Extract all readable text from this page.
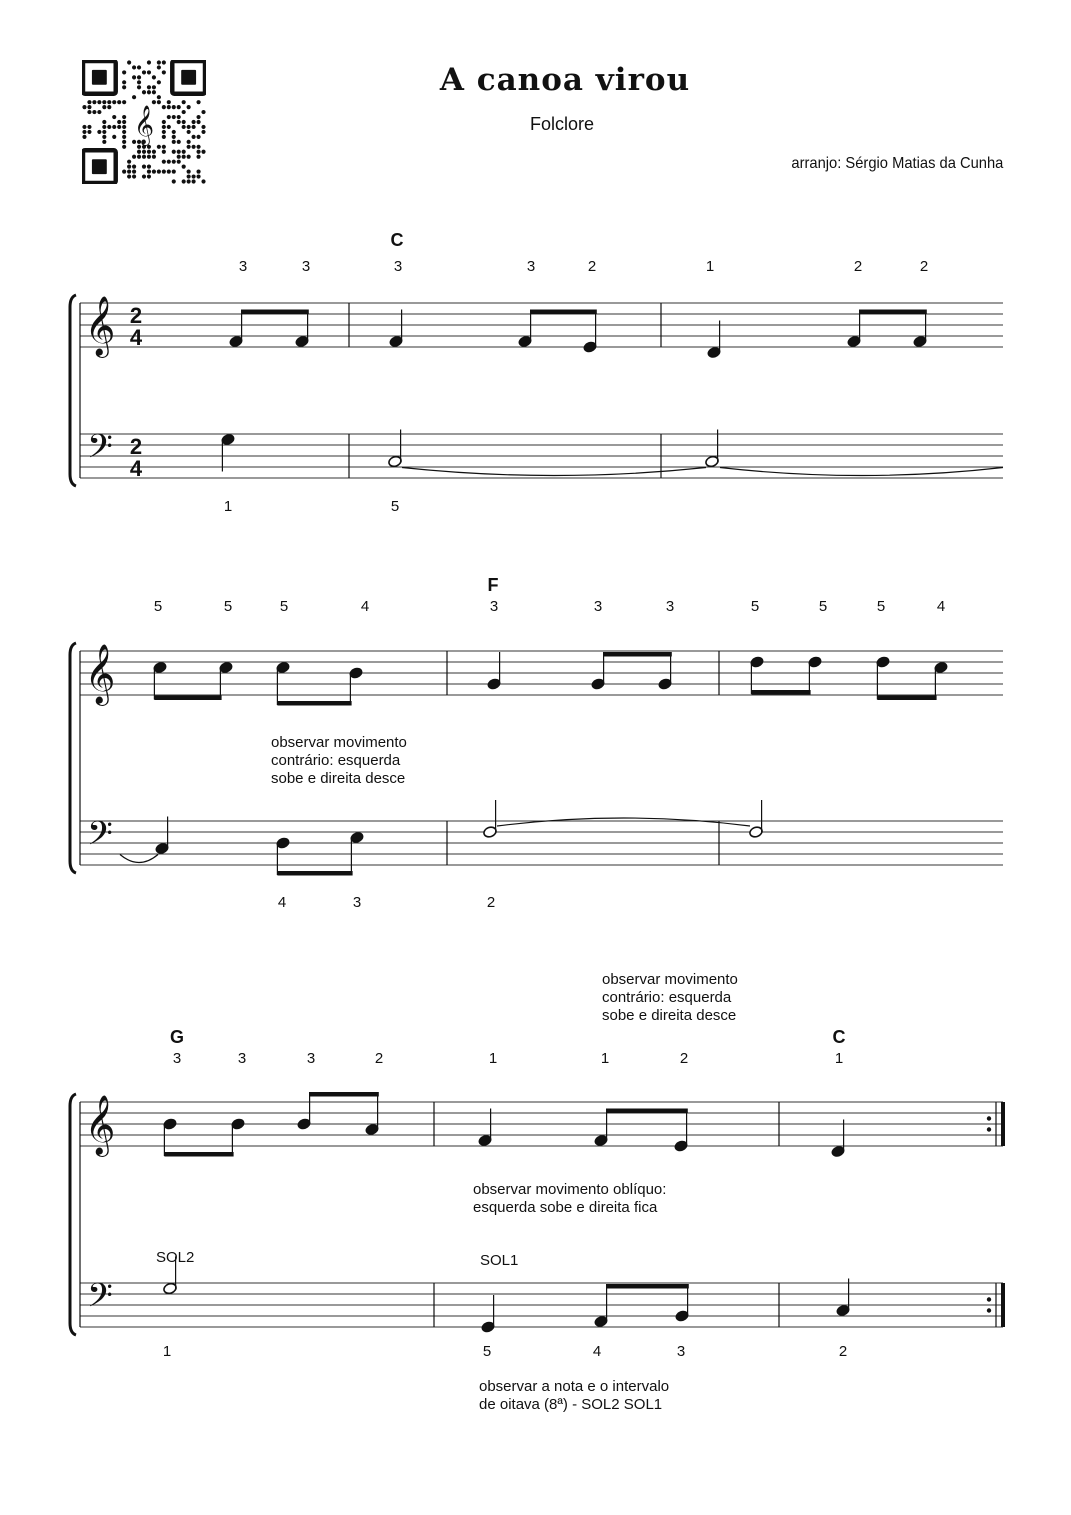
A canoa virou
Folclore
arranjo: Sérgio Matias da Cunha
𝄞
𝄞
𝄢
2
4
2
4
C
3	3	3	3	2	1	2	2
1	5
𝄞
𝄢
F
5	5	5	4	3	3	3	5	5	5	4
4	3	2
observar movimento
contrário: esquerda
sobe e direita desce
𝄞
𝄢
G	C
3	3	3	2	1	1	2	1
1	5	4	3	2
SOL2	SOL1
observar movimento
contrário: esquerda
sobe e direita desce
observar movimento oblíquo:
esquerda sobe e direita fica
observar a nota e o intervalo
de oitava (8ª) - SOL2 SOL1
